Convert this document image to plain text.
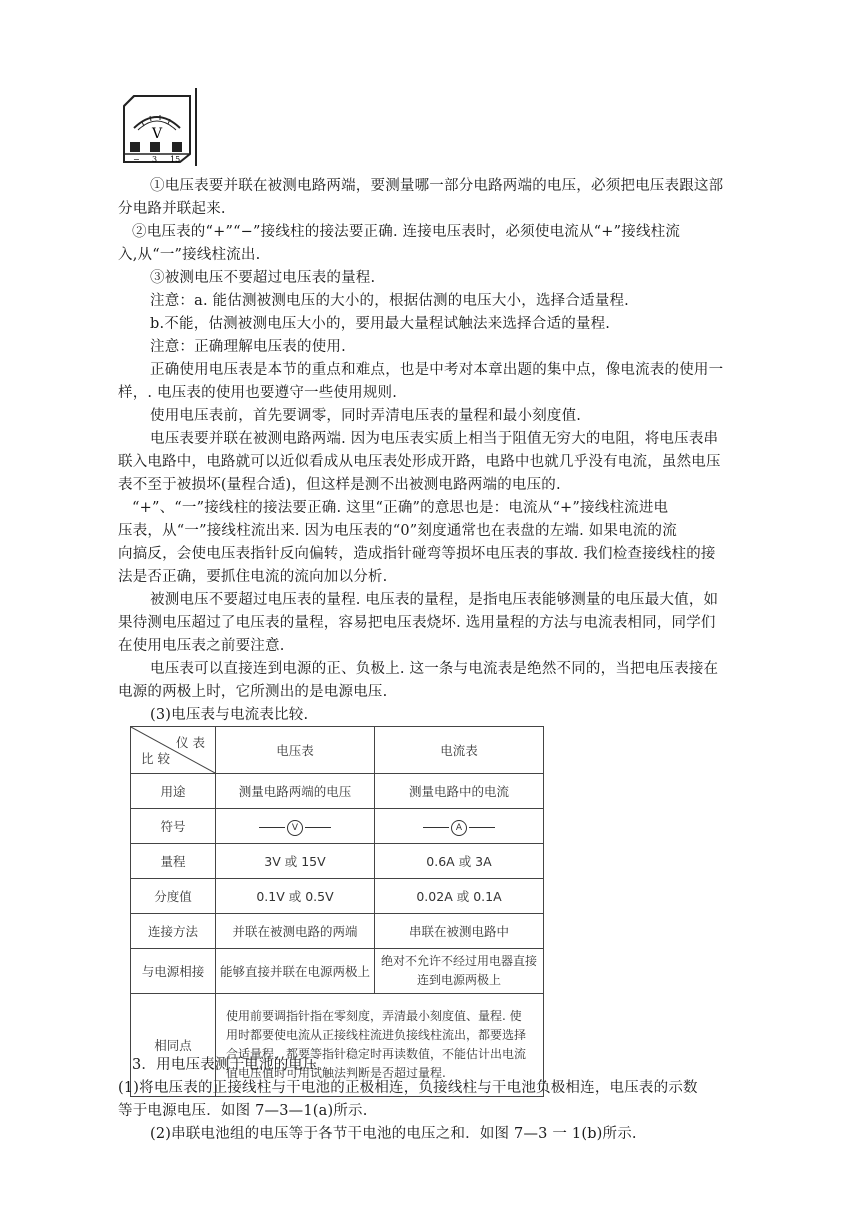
V
− 3 15

①电压表要并联在被测电路两端，要测量哪一部分电路两端的电压，必须把电压表跟这部

分电路并联起来.

②电压表的“+”“−”接线柱的接法要正确. 连接电压表时，必须使电流从“+”接线柱流

入,从“一”接线柱流出.

③被测电压不要超过电压表的量程.

注意：a. 能估测被测电压的大小的，根据估测的电压大小，选择合适量程.

b.不能，估测被测电压大小的，要用最大量程试触法来选择合适的量程.

注意：正确理解电压表的使用.

正确使用电压表是本节的重点和难点，也是中考对本章出题的集中点，像电流表的使用一

样，. 电压表的使用也要遵守一些使用规则.

使用电压表前，首先要调零，同时弄清电压表的量程和最小刻度值.

电压表要并联在被测电路两端. 因为电压表实质上相当于阻值无穷大的电阻，将电压表串

联入电路中，电路就可以近似看成从电压表处形成开路，电路中也就几乎没有电流，虽然电压

表不至于被损坏(量程合适)，但这样是测不出被测电路两端的电压的.

“+”、“一”接线柱的接法要正确. 这里“正确”的意思也是：电流从“+”接线柱流进电

压表，从“一”接线柱流出来. 因为电压表的“0”刻度通常也在表盘的左端. 如果电流的流

向搞反，会使电压表指针反向偏转，造成指针碰弯等损坏电压表的事故. 我们检查接线柱的接

法是否正确，要抓住电流的流向加以分析.

被测电压不要超过电压表的量程. 电压表的量程，是指电压表能够测量的电压最大值，如

果待测电压超过了电压表的量程，容易把电压表烧坏. 选用量程的方法与电流表相同，同学们

在使用电压表之前要注意.

电压表可以直接连到电源的正、负极上. 这一条与电流表是绝然不同的，当把电压表接在

电源的两极上时，它所测出的是电源电压.

(3)电压表与电流表比较.

仪 表
比 较	电压表	电流表
用途	测量电路两端的电压	测量电路中的电流
符号	V	A

量程	3V 或 15V	0.6A 或 3A
分度值	0.1V 或 0.5V	0.02A 或 0.1A
连接方法	并联在被测电路的两端	串联在被测电路中
与电源相接	能够直接并联在电源两极上	绝对不允许不经过用电器直接连到电源两极上
相同点	使用前要调指针指在零刻度，弄清最小刻度值、量程. 使用时都要使电流从正接线柱流进负接线柱流出，都要选择合适量程，都要等指针稳定时再读数值，不能估计出电流值电压值时可用试触法判断是否超过量程.	

3．用电压表测干电池的电压

(1)将电压表的正接线柱与干电池的正极相连，负接线柱与干电池负极相连，电压表的示数

等于电源电压．如图 7—3—1(a)所示.

(2)串联电池组的电压等于各节干电池的电压之和．如图 7—3 一 1(b)所示.
